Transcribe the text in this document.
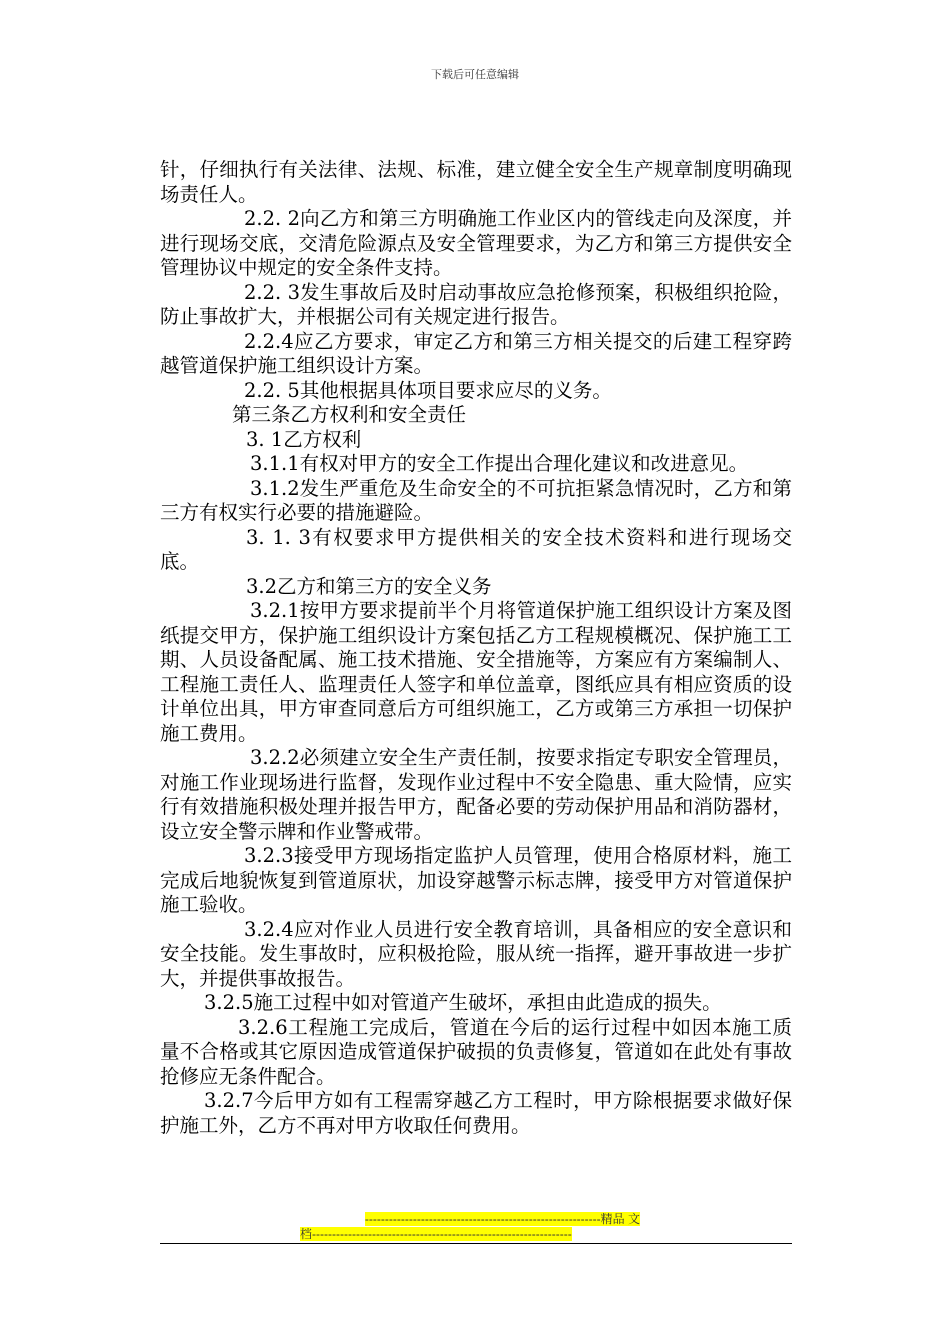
下载后可任意编辑

针，仔细执行有关法律、法规、标准，建立健全安全生产规章制度明确现场责任人。

2.2. 2向乙方和第三方明确施工作业区内的管线走向及深度，并进行现场交底，交清危险源点及安全管理要求，为乙方和第三方提供安全管理协议中规定的安全条件支持。

2.2. 3发生事故后及时启动事故应急抢修预案，积极组织抢险，防止事故扩大，并根据公司有关规定进行报告。

2.2.4应乙方要求，审定乙方和第三方相关提交的后建工程穿跨越管道保护施工组织设计方案。

2.2. 5其他根据具体项目要求应尽的义务。

第三条乙方权利和安全责任

3. 1乙方权利

3.1.1有权对甲方的安全工作提出合理化建议和改进意见。

3.1.2发生严重危及生命安全的不可抗拒紧急情况时，乙方和第三方有权实行必要的措施避险。

3. 1. 3有权要求甲方提供相关的安全技术资料和进行现场交底。

3.2乙方和第三方的安全义务

3.2.1按甲方要求提前半个月将管道保护施工组织设计方案及图纸提交甲方，保护施工组织设计方案包括乙方工程规模概况、保护施工工期、人员设备配属、施工技术措施、安全措施等，方案应有方案编制人、工程施工责任人、监理责任人签字和单位盖章，图纸应具有相应资质的设计单位出具，甲方审查同意后方可组织施工，乙方或第三方承担一切保护施工费用。

3.2.2必须建立安全生产责任制，按要求指定专职安全管理员，对施工作业现场进行监督，发现作业过程中不安全隐患、重大险情，应实行有效措施积极处理并报告甲方，配备必要的劳动保护用品和消防器材，设立安全警示牌和作业警戒带。

3.2.3接受甲方现场指定监护人员管理，使用合格原材料，施工完成后地貌恢复到管道原状，加设穿越警示标志牌，接受甲方对管道保护施工验收。

3.2.4应对作业人员进行安全教育培训，具备相应的安全意识和安全技能。发生事故时，应积极抢险，服从统一指挥，避开事故进一步扩大，并提供事故报告。

3.2.5施工过程中如对管道产生破坏，承担由此造成的损失。

3.2.6工程施工完成后，管道在今后的运行过程中如因本施工质量不合格或其它原因造成管道保护破损的负责修复，管道如在此处有事故抢修应无条件配合。

3.2.7今后甲方如有工程需穿越乙方工程时，甲方除根据要求做好保护施工外，乙方不再对甲方收取任何费用。

-----------------------------------------------------------精品 文
档-----------------------------------------------------------------
